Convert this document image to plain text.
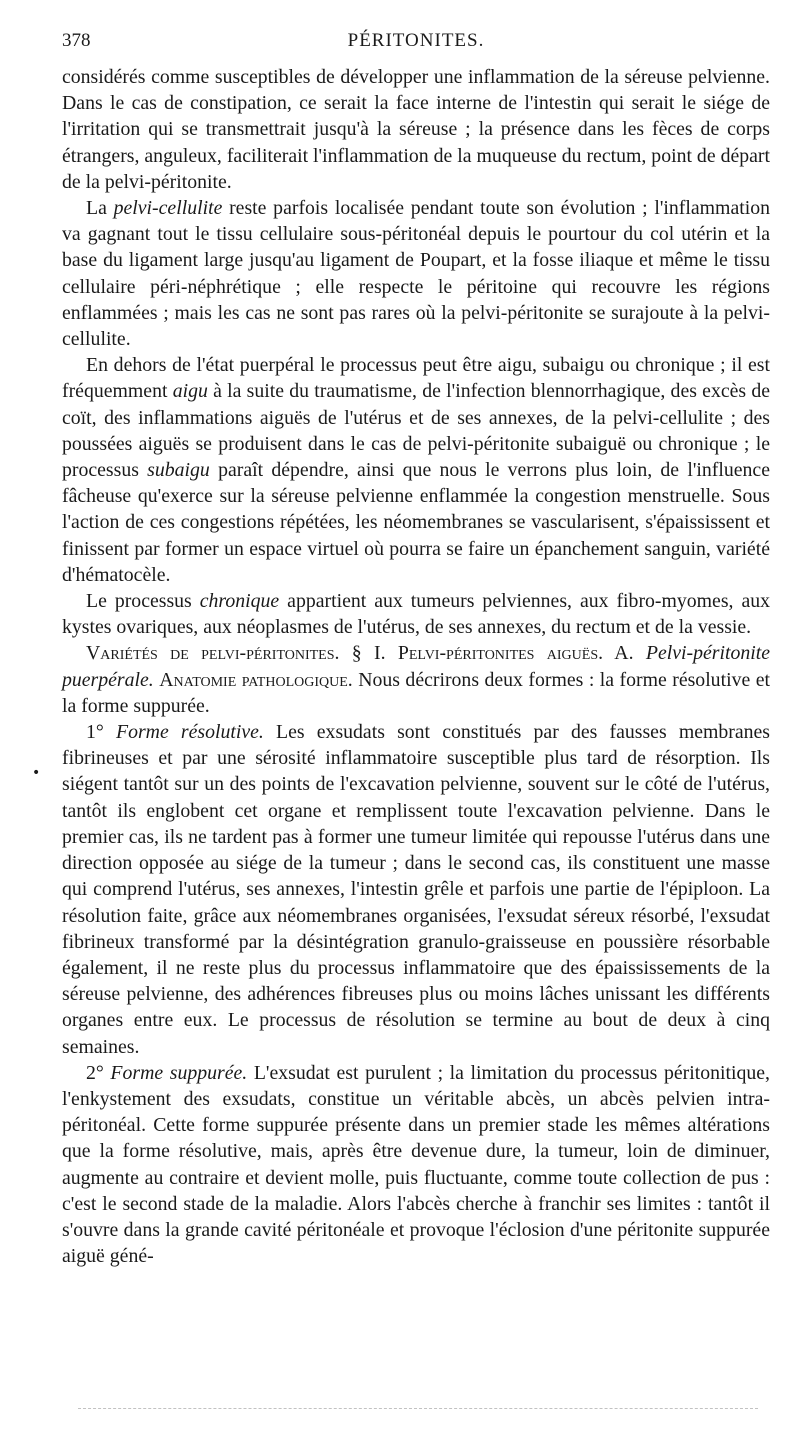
378	PÉRITONITES.
•

considérés comme susceptibles de développer une inflammation de la séreuse pelvienne. Dans le cas de constipation, ce serait la face interne de l'intestin qui serait le siége de l'irritation qui se transmettrait jusqu'à la séreuse ; la présence dans les fèces de corps étrangers, anguleux, faciliterait l'inflammation de la muqueuse du rectum, point de départ de la pelvi-péritonite.

La pelvi-cellulite reste parfois localisée pendant toute son évolution ; l'inflammation va gagnant tout le tissu cellulaire sous-péritonéal depuis le pourtour du col utérin et la base du ligament large jusqu'au ligament de Poupart, et la fosse iliaque et même le tissu cellulaire péri-néphrétique ; elle respecte le péritoine qui recouvre les régions enflammées ; mais les cas ne sont pas rares où la pelvi-péritonite se surajoute à la pelvi-cellulite.

En dehors de l'état puerpéral le processus peut être aigu, subaigu ou chronique ; il est fréquemment aigu à la suite du traumatisme, de l'infection blennorrhagique, des excès de coït, des inflammations aiguës de l'utérus et de ses annexes, de la pelvi-cellulite ; des poussées aiguës se produisent dans le cas de pelvi-péritonite subaiguë ou chronique ; le processus subaigu paraît dépendre, ainsi que nous le verrons plus loin, de l'influence fâcheuse qu'exerce sur la séreuse pelvienne enflammée la congestion menstruelle. Sous l'action de ces congestions répétées, les néomembranes se vascularisent, s'épaississent et finissent par former un espace virtuel où pourra se faire un épanchement sanguin, variété d'hématocèle.

Le processus chronique appartient aux tumeurs pelviennes, aux fibro-myomes, aux kystes ovariques, aux néoplasmes de l'utérus, de ses annexes, du rectum et de la vessie.

Variétés de pelvi-péritonites. § I. Pelvi-péritonites aiguës. A. Pelvi-péritonite puerpérale. Anatomie pathologique. Nous décrirons deux formes : la forme résolutive et la forme suppurée.

1° Forme résolutive. Les exsudats sont constitués par des fausses membranes fibrineuses et par une sérosité inflammatoire susceptible plus tard de résorption. Ils siégent tantôt sur un des points de l'excavation pelvienne, souvent sur le côté de l'utérus, tantôt ils englobent cet organe et remplissent toute l'excavation pelvienne. Dans le premier cas, ils ne tardent pas à former une tumeur limitée qui repousse l'utérus dans une direction opposée au siége de la tumeur ; dans le second cas, ils constituent une masse qui comprend l'utérus, ses annexes, l'intestin grêle et parfois une partie de l'épiploon. La résolution faite, grâce aux néomembranes organisées, l'exsudat séreux résorbé, l'exsudat fibrineux transformé par la désintégration granulo-graisseuse en poussière résorbable également, il ne reste plus du processus inflammatoire que des épaississements de la séreuse pelvienne, des adhérences fibreuses plus ou moins lâches unissant les différents organes entre eux. Le processus de résolution se termine au bout de deux à cinq semaines.

2° Forme suppurée. L'exsudat est purulent ; la limitation du processus péritonitique, l'enkystement des exsudats, constitue un véritable abcès, un abcès pelvien intra-péritonéal. Cette forme suppurée présente dans un premier stade les mêmes altérations que la forme résolutive, mais, après être devenue dure, la tumeur, loin de diminuer, augmente au contraire et devient molle, puis fluctuante, comme toute collection de pus : c'est le second stade de la maladie. Alors l'abcès cherche à franchir ses limites : tantôt il s'ouvre dans la grande cavité péritonéale et provoque l'éclosion d'une péritonite suppurée aiguë géné-
